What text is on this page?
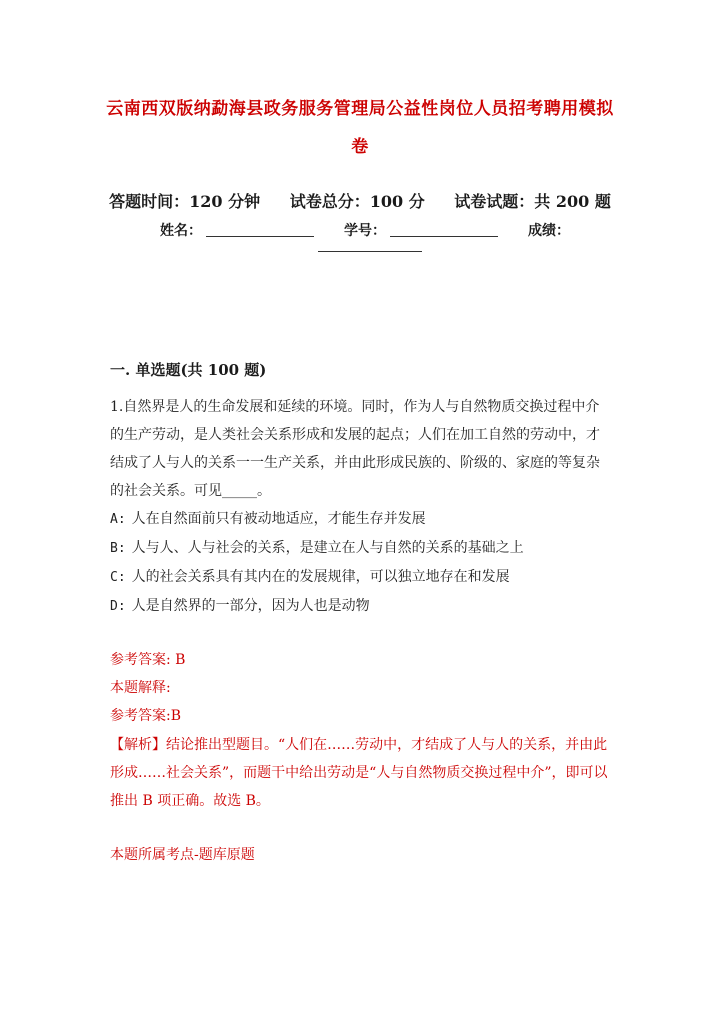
云南西双版纳勐海县政务服务管理局公益性岗位人员招考聘用模拟
卷
答题时间：120 分钟 试卷总分：100 分 试卷试题：共 200 题
姓名：	学号：	成绩：
一. 单选题(共 100 题)
1.自然界是人的生命发展和延续的环境。同时，作为人与自然物质交换过程中介的生产劳动，是人类社会关系形成和发展的起点；人们在加工自然的劳动中，才结成了人与人的关系一一生产关系，并由此形成民族的、阶级的、家庭的等复杂的社会关系。可见_____。
A: 人在自然面前只有被动地适应，才能生存并发展
B: 人与人、人与社会的关系，是建立在人与自然的关系的基础之上
C: 人的社会关系具有其内在的发展规律，可以独立地存在和发展
D: 人是自然界的一部分，因为人也是动物
参考答案: B
本题解释:
参考答案:B
【解析】结论推出型题目。“人们在……劳动中，才结成了人与人的关系，并由此形成……社会关系”，而题干中给出劳动是“人与自然物质交换过程中介”，即可以推出 B 项正确。故选 B。
本题所属考点-题库原题
